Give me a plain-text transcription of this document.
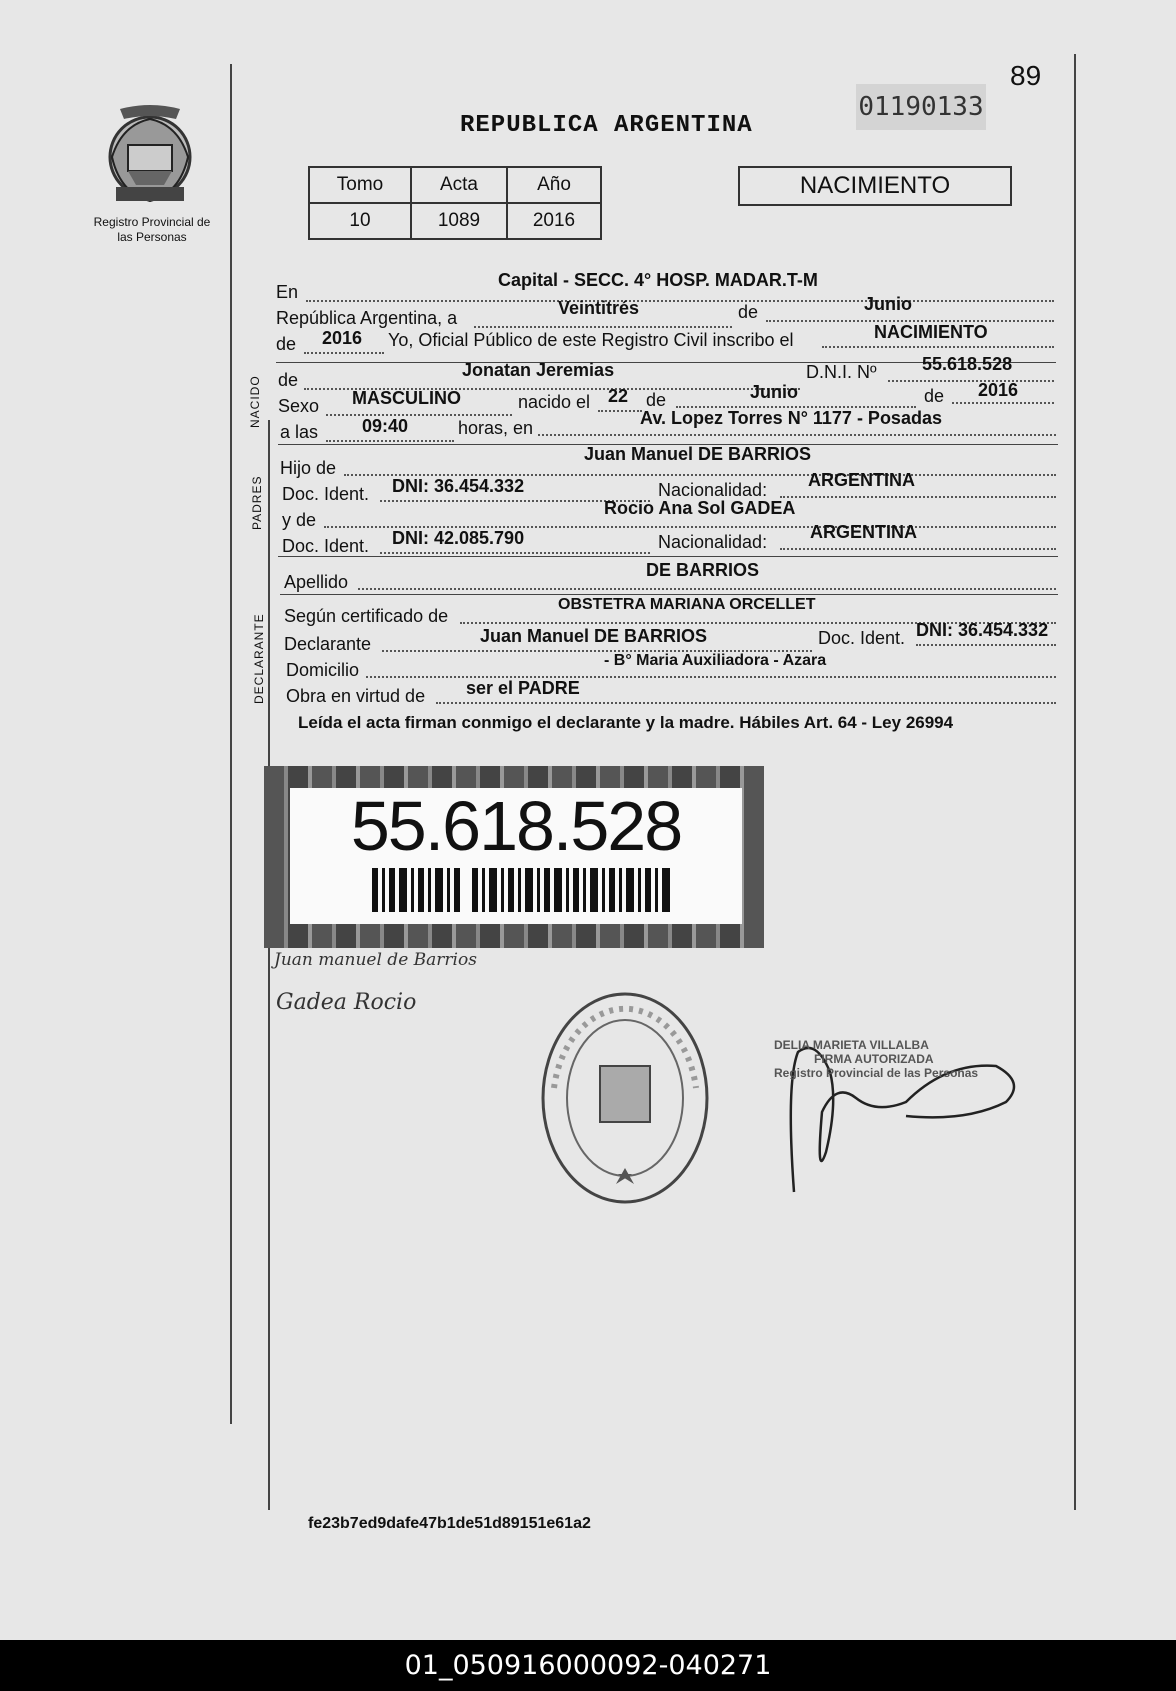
89
01190133
REPUBLICA ARGENTINA
Registro Provincial de las Personas
Tomo	Acta	Año
10	1089	2016
NACIMIENTO
En
Capital - SECC. 4° HOSP. MADAR.T-M
República Argentina, a	Veintitrés	de	Junio
de 2016 Yo, Oficial Público de este Registro Civil inscribo el	NACIMIENTO
NACIDO de	Jonatan Jeremias	D.N.I. Nº	55.618.528
Sexo MASCULINO	nacido el 22 de	Junio	de 2016
a las 09:40	horas, en	Av. Lopez Torres N° 1177 - Posadas
PADRES
Hijo de
Juan Manuel DE BARRIOS
Doc. Ident. DNI: 36.454.332	Nacionalidad: ARGENTINA
y de
Rocio Ana Sol GADEA
Doc. Ident. DNI: 42.085.790	Nacionalidad: ARGENTINA
Apellido
DE BARRIOS
DECLARANTE Según certificado de
OBSTETRA MARIANA ORCELLET
Declarante	Juan Manuel DE BARRIOS	Doc. Ident. DNI: 36.454.332
Domicilio	- B° Maria Auxiliadora - Azara
Obra en virtud de ser el PADRE
Leída el acta firman conmigo el declarante y la madre. Hábiles Art. 64 - Ley 26994
55.618.528
Juan manuel de Barrios
Gadea Rocio
DELIA MARIETA VILLALBA
FIRMA AUTORIZADA
Registro Provincial de las Personas
fe23b7ed9dafe47b1de51d89151e61a2
01_050916000092-040271
